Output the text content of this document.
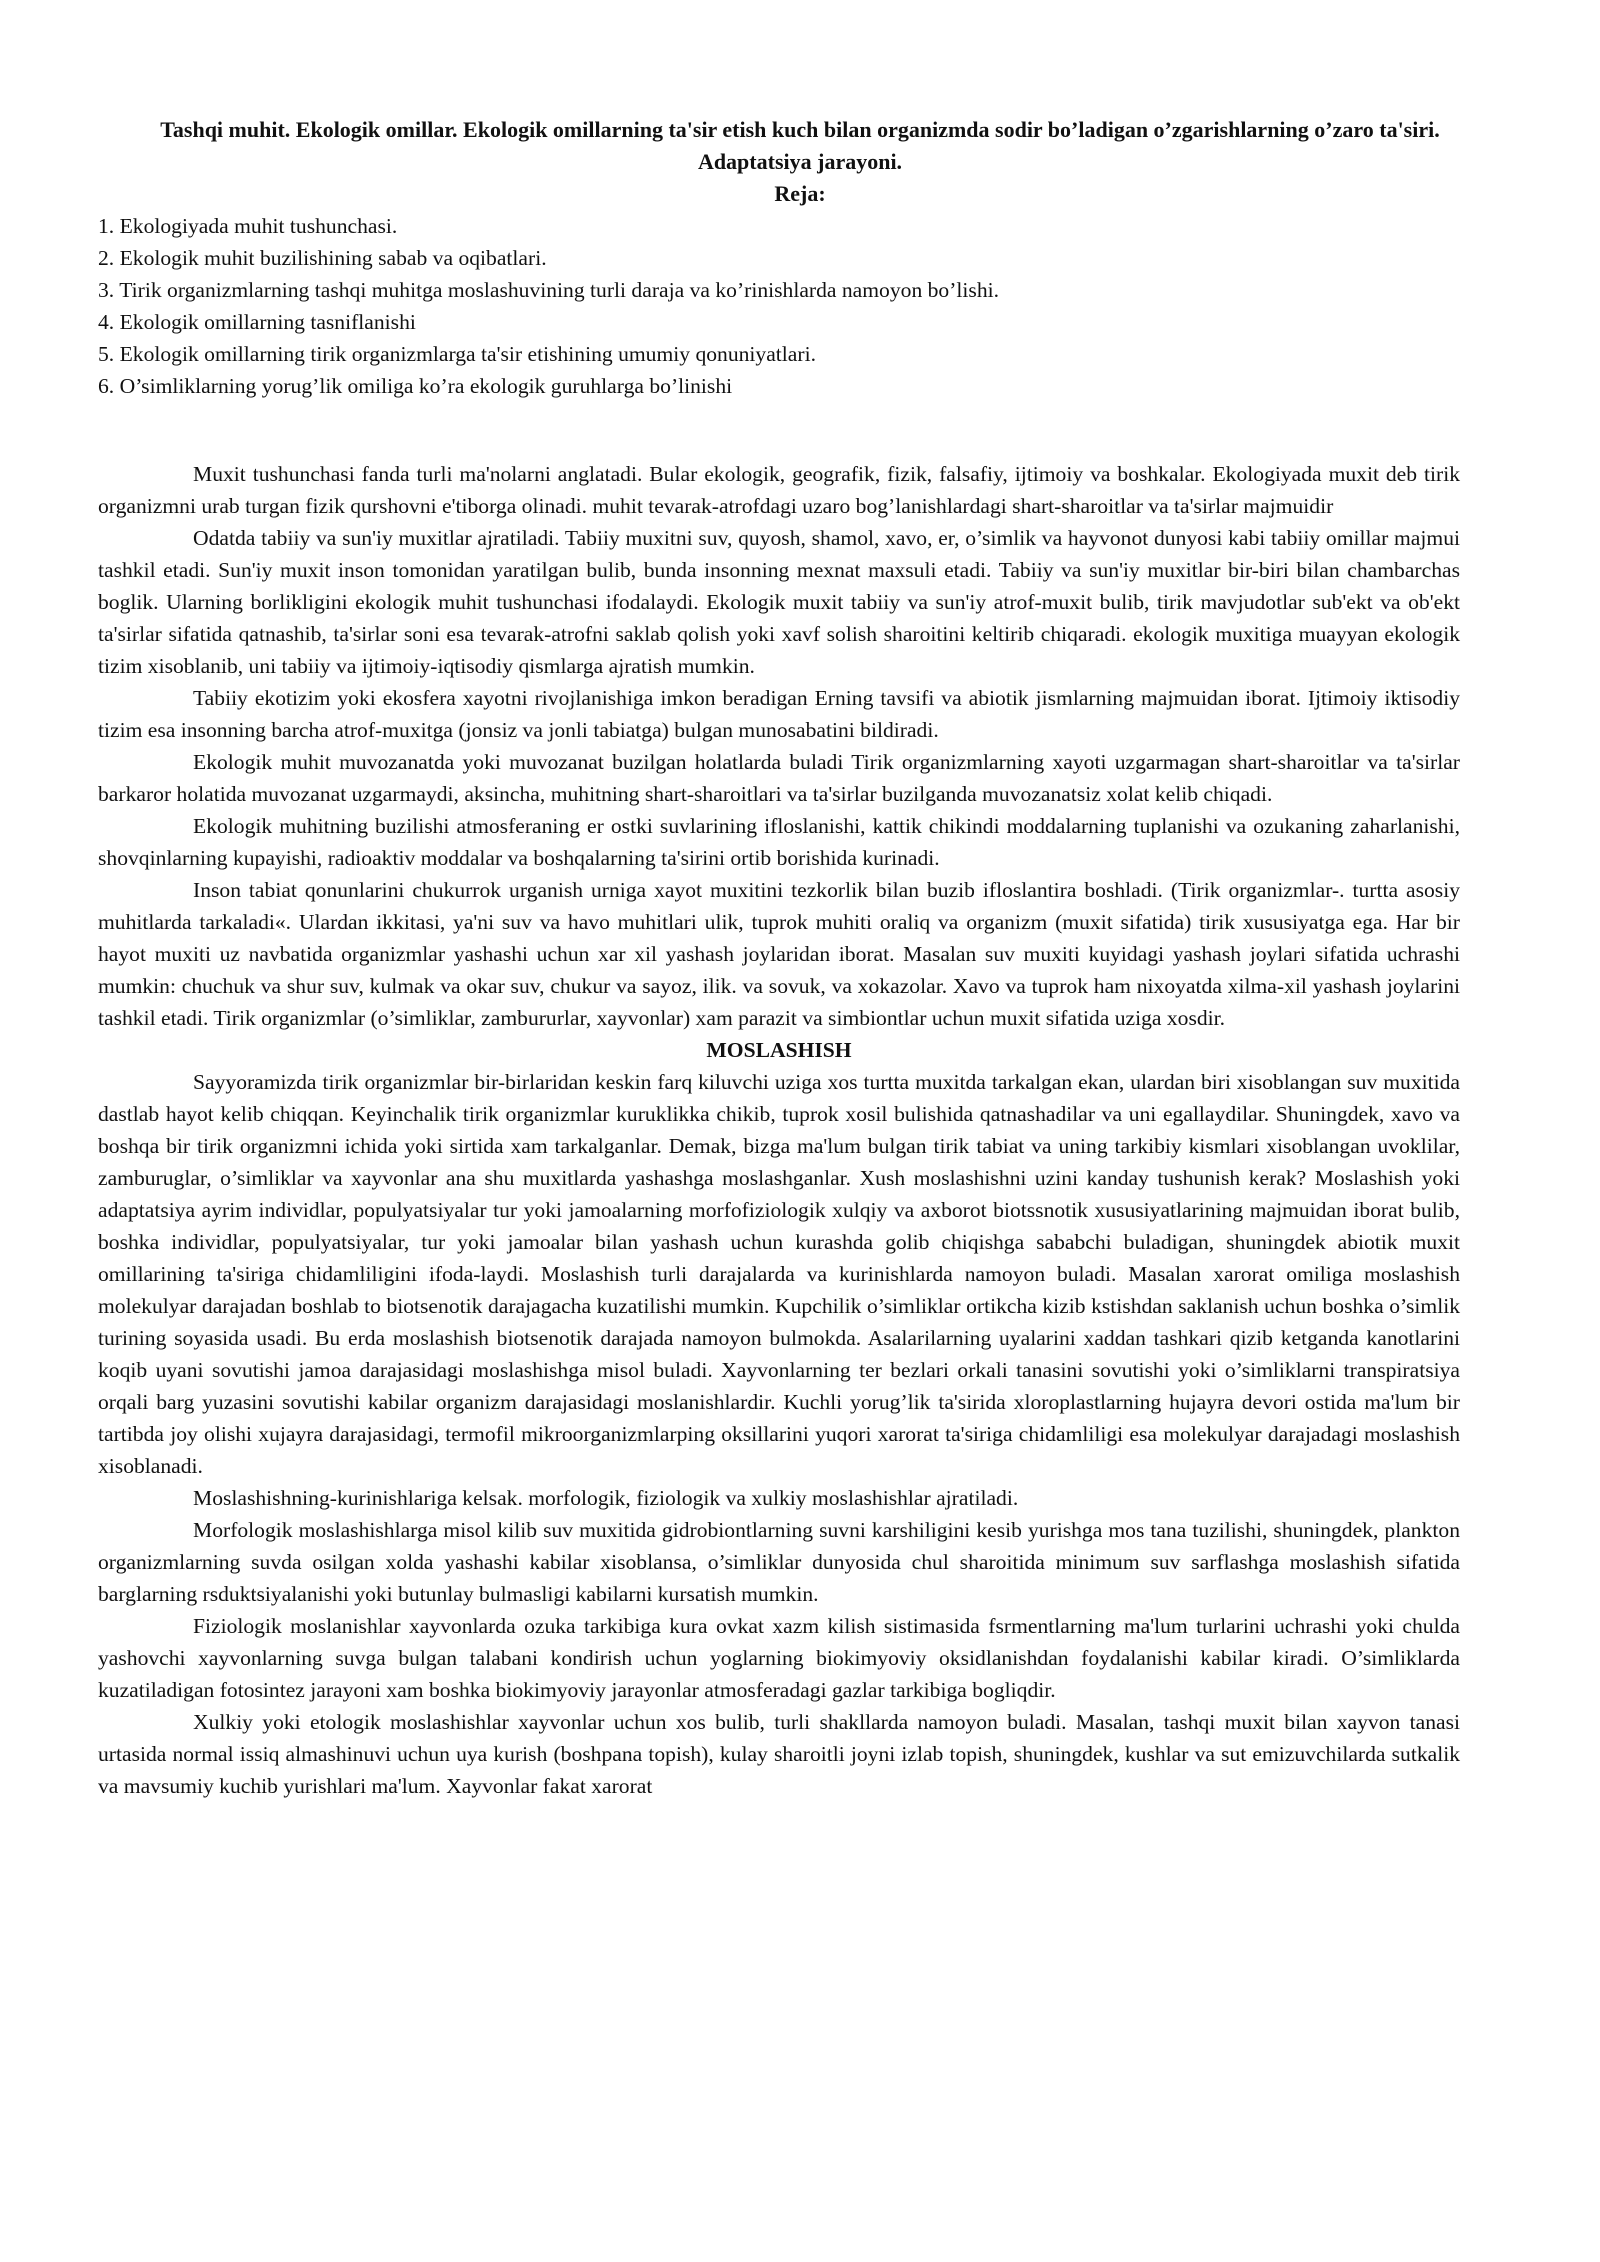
Tashqi muhit. Ekologik omillar. Ekologik omillarning ta'sir etish kuch bilan organizmda sodir bo’ladigan o’zgarishlarning o’zaro ta'siri. Adaptatsiya jarayoni.
Reja:
1. Ekologiyada muhit tushunchasi.
2. Ekologik muhit buzilishining sabab va oqibatlari.
3. Tirik organizmlarning tashqi muhitga moslashuvining turli daraja va ko’rinishlarda namoyon bo’lishi.
4. Ekologik omillarning tasniflanishi
5. Ekologik omillarning tirik organizmlarga ta'sir etishining umumiy qonuniyatlari.
6. O’simliklarning yorug’lik omiliga ko’ra ekologik guruhlarga bo’linishi

Muxit tushunchasi fanda turli ma'nolarni anglatadi. Bular ekologik, geografik, fizik, falsafiy, ijtimoiy va boshkalar. Ekologiyada muxit deb tirik organizmni urab turgan fizik qurshovni e'tiborga olinadi. muhit tevarak-atrofdagi uzaro bog’lanishlardagi shart-sharoitlar va ta'sirlar majmuidir

Odatda tabiiy va sun'iy muxitlar ajratiladi. Tabiiy muxitni suv, quyosh, shamol, xavo, er, o’simlik va hayvonot dunyosi kabi tabiiy omillar majmui tashkil etadi. Sun'iy muxit inson tomonidan yaratilgan bulib, bunda insonning mexnat maxsuli etadi. Tabiiy va sun'iy muxitlar bir-biri bilan chambarchas boglik. Ularning borlikligini ekologik muhit tushunchasi ifodalaydi. Ekologik muxit tabiiy va sun'iy atrof-muxit bulib, tirik mavjudotlar sub'ekt va ob'ekt ta'sirlar sifatida qatnashib, ta'sirlar soni esa tevarak-atrofni saklab qolish yoki xavf solish sharoitini keltirib chiqaradi. ekologik muxitiga muayyan ekologik tizim xisoblanib, uni tabiiy va ijtimoiy-iqtisodiy qismlarga ajratish mumkin.

Tabiiy ekotizim yoki ekosfera xayotni rivojlanishiga imkon beradigan Erning tavsifi va abiotik jismlarning majmuidan iborat. Ijtimoiy iktisodiy tizim esa insonning barcha atrof-muxitga (jonsiz va jonli tabiatga) bulgan munosabatini bildiradi.

Ekologik muhit muvozanatda yoki muvozanat buzilgan holatlarda buladi Tirik organizmlarning xayoti uzgarmagan shart-sharoitlar va ta'sirlar barkaror holatida muvozanat uzgarmaydi, aksincha, muhitning shart-sharoitlari va ta'sirlar buzilganda muvozanatsiz xolat kelib chiqadi.

Ekologik muhitning buzilishi atmosferaning er ostki suvlarining ifloslanishi, kattik chikindi moddalarning tuplanishi va ozukaning zaharlanishi, shovqinlarning kupayishi, radioaktiv moddalar va boshqalarning ta'sirini ortib borishida kurinadi.

Inson tabiat qonunlarini chukurrok urganish urniga xayot muxitini tezkorlik bilan buzib ifloslantira boshladi. (Tirik organizmlar-. turtta asosiy muhitlarda tarkaladi«. Ulardan ikkitasi, ya'ni suv va havo muhitlari ulik, tuprok muhiti oraliq va organizm (muxit sifatida) tirik xususiyatga ega. Har bir hayot muxiti uz navbatida organizmlar yashashi uchun xar xil yashash joylaridan iborat. Masalan suv muxiti kuyidagi yashash joylari sifatida uchrashi mumkin: chuchuk va shur suv, kulmak va okar suv, chukur va sayoz, ilik. va sovuk, va xokazolar. Xavo va tuprok ham nixoyatda xilma-xil yashash joylarini tashkil etadi. Tirik organizmlar (o’simliklar, zambururlar, xayvonlar) xam parazit va simbiontlar uchun muxit sifatida uziga xosdir.

MOSLASHISH

Sayyoramizda tirik organizmlar bir-birlaridan keskin farq kiluvchi uziga xos turtta muxitda tarkalgan ekan, ulardan biri xisoblangan suv muxitida dastlab hayot kelib chiqqan. Keyinchalik tirik organizmlar kuruklikka chikib, tuprok xosil bulishida qatnashadilar va uni egallaydilar. Shuningdek, xavo va boshqa bir tirik organizmni ichida yoki sirtida xam tarkalganlar. Demak, bizga ma'lum bulgan tirik tabiat va uning tarkibiy kismlari xisoblangan uvoklilar, zamburuglar, o’simliklar va xayvonlar ana shu muxitlarda yashashga moslashganlar. Xush moslashishni uzini kanday tushunish kerak? Moslashish yoki adaptatsiya ayrim individlar, populyatsiyalar tur yoki jamoalarning morfofiziologik xulqiy va axborot biotssnotik xususiyatlarining majmuidan iborat bulib, boshka individlar, populyatsiyalar, tur yoki jamoalar bilan yashash uchun kurashda golib chiqishga sababchi buladigan, shuningdek abiotik muxit omillarining ta'siriga chidamliligini ifoda-laydi. Moslashish turli darajalarda va kurinishlarda namoyon buladi. Masalan xarorat omiliga moslashish molekulyar darajadan boshlab to biotsenotik darajagacha kuzatilishi mumkin. Kupchilik o’simliklar ortikcha kizib kstishdan saklanish uchun boshka o’simlik turining soyasida usadi. Bu erda moslashish biotsenotik darajada namoyon bulmokda. Asalarilarning uyalarini xaddan tashkari qizib ketganda kanotlarini koqib uyani sovutishi jamoa darajasidagi moslashishga misol buladi. Xayvonlarning ter bezlari orkali tanasini sovutishi yoki o’simliklarni transpiratsiya orqali barg yuzasini sovutishi kabilar organizm darajasidagi moslanishlardir. Kuchli yorug’lik ta'sirida xloroplastlarning hujayra devori ostida ma'lum bir tartibda joy olishi xujayra darajasidagi, termofil mikroorganizmlarping oksillarini yuqori xarorat ta'siriga chidamliligi esa molekulyar darajadagi moslashish xisoblanadi.

Moslashishning-kurinishlariga kelsak. morfologik, fiziologik va xulkiy moslashishlar ajratiladi.

Morfologik moslashishlarga misol kilib suv muxitida gidrobiontlarning suvni karshiligini kesib yurishga mos tana tuzilishi, shuningdek, plankton organizmlarning suvda osilgan xolda yashashi kabilar xisoblansa, o’simliklar dunyosida chul sharoitida minimum suv sarflashga moslashish sifatida barglarning rsduktsiyalanishi yoki butunlay bulmasligi kabilarni kursatish mumkin.

Fiziologik moslanishlar xayvonlarda ozuka tarkibiga kura ovkat xazm kilish sistimasida fsrmentlarning ma'lum turlarini uchrashi yoki chulda yashovchi xayvonlarning suvga bulgan talabani kondirish uchun yoglarning biokimyoviy oksidlanishdan foydalanishi kabilar kiradi. O’simliklarda kuzatiladigan fotosintez jarayoni xam boshka biokimyoviy jarayonlar atmosferadagi gazlar tarkibiga bogliqdir.

Xulkiy yoki etologik moslashishlar xayvonlar uchun xos bulib, turli shakllarda namoyon buladi. Masalan, tashqi muxit bilan xayvon tanasi urtasida normal issiq almashinuvi uchun uya kurish (boshpana topish), kulay sharoitli joyni izlab topish, shuningdek, kushlar va sut emizuvchilarda sutkalik va mavsumiy kuchib yurishlari ma'lum. Xayvonlar fakat xarorat
